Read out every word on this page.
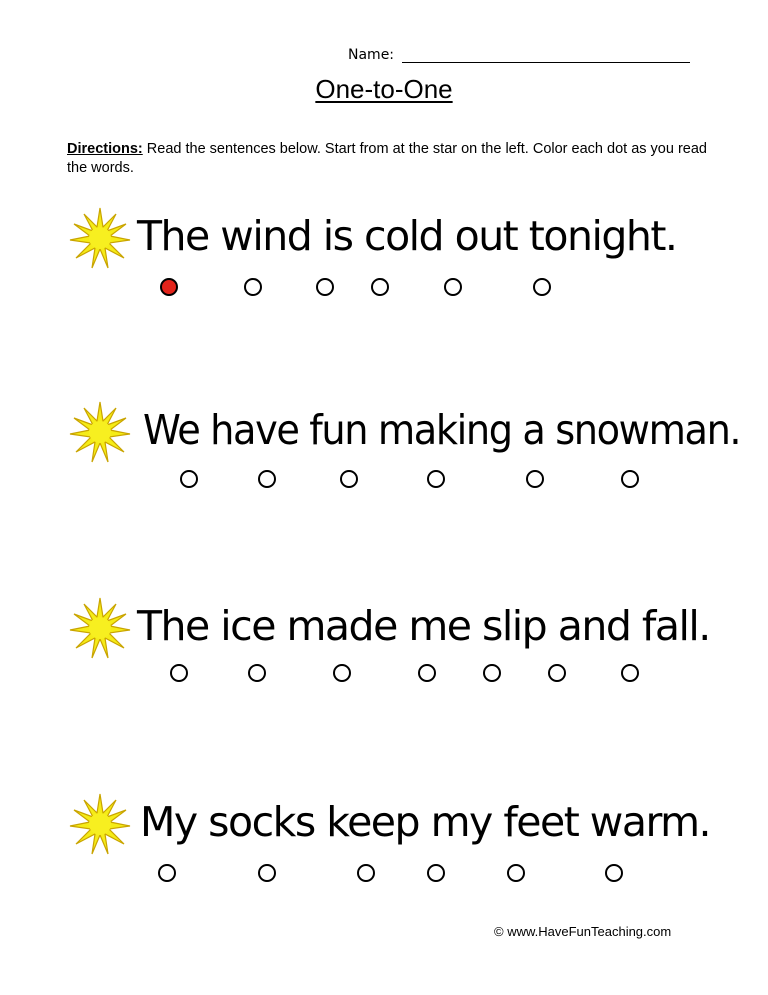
Name:
One-to-One
Directions: Read the sentences below. Start from at the star on the left. Color each dot as you read the words.
The wind is cold out tonight.
We have fun making a snowman.
The ice made me slip and fall.
My socks keep my feet warm.
© www.HaveFunTeaching.com
